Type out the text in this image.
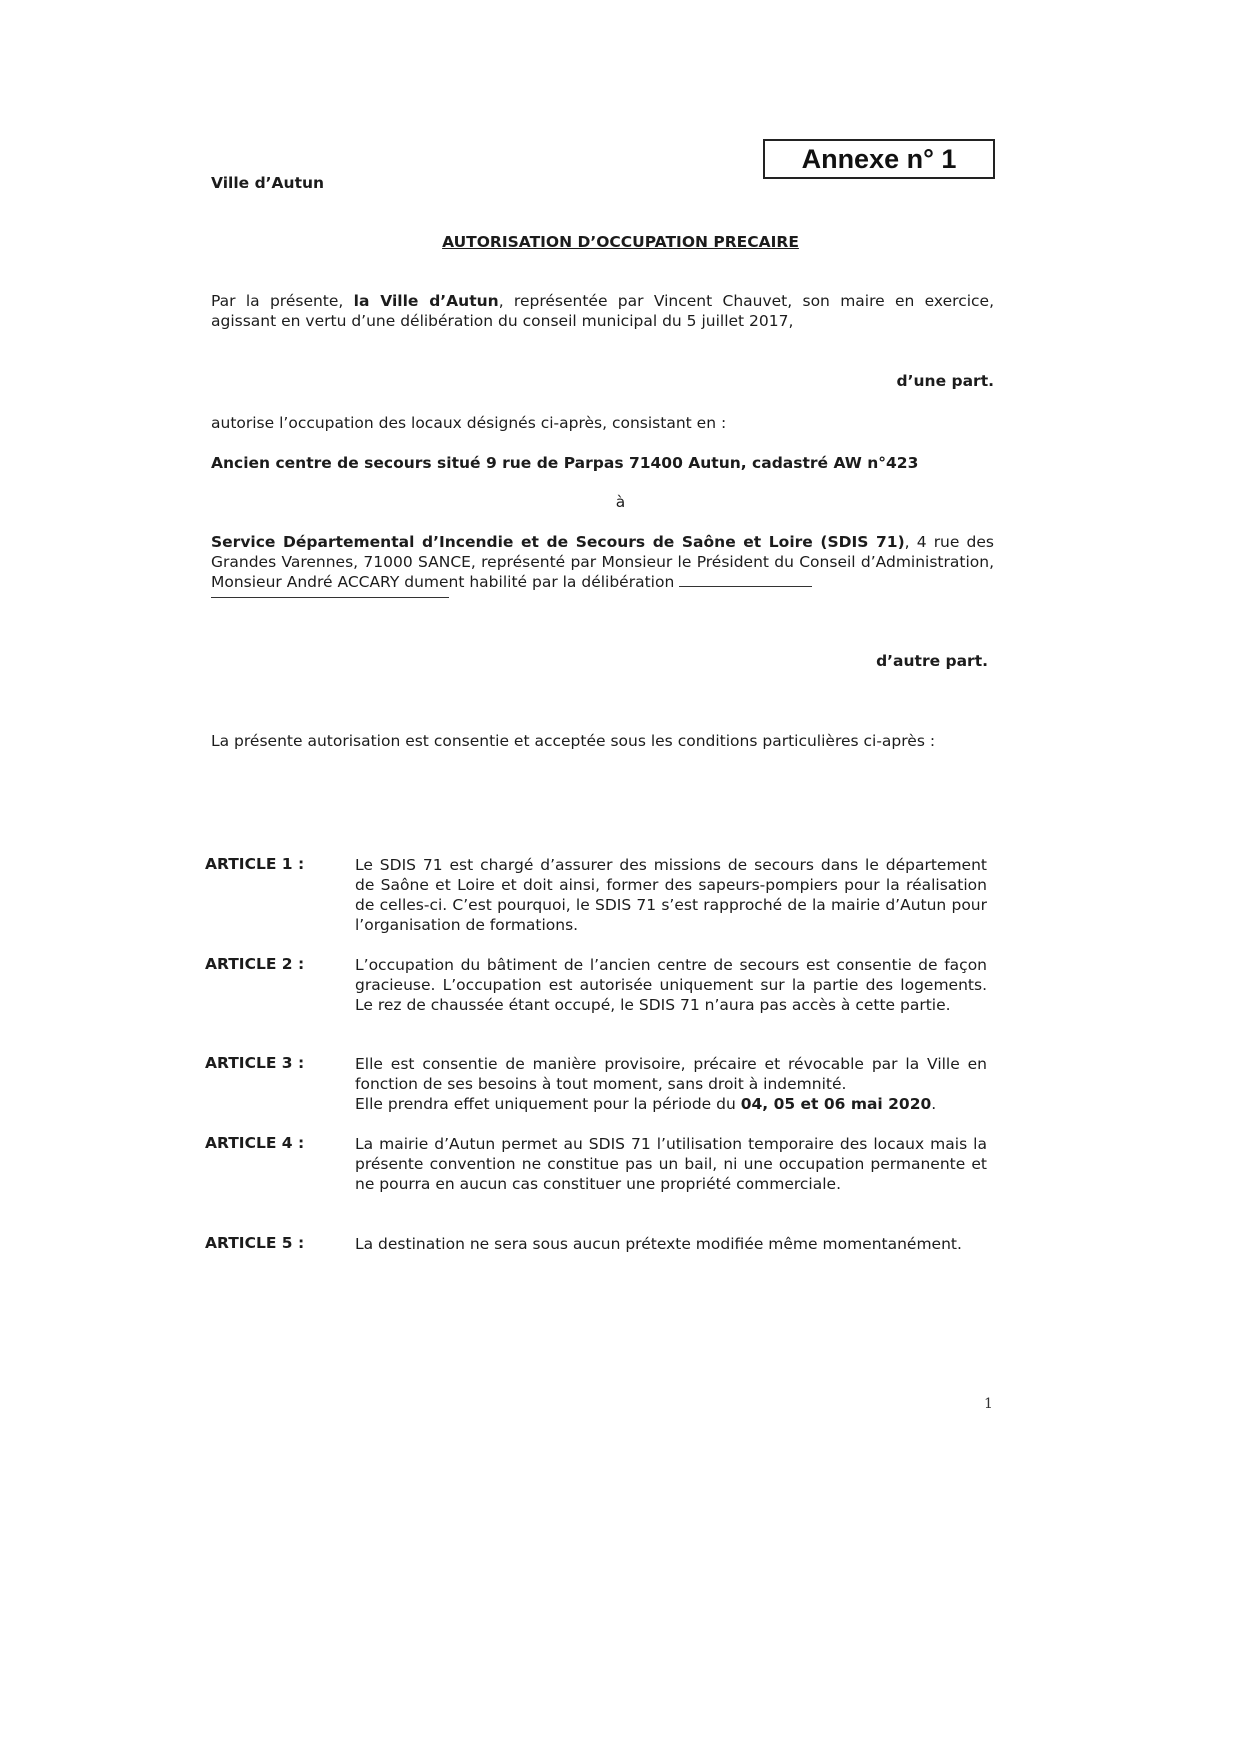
Annexe n° 1
Ville d’Autun
AUTORISATION D’OCCUPATION PRECAIRE
Par la présente, la Ville d’Autun, représentée par Vincent Chauvet, son maire en exercice, agissant en vertu d’une délibération du conseil municipal du 5 juillet 2017,
d’une part.
autorise l’occupation des locaux désignés ci-après, consistant en :
Ancien centre de secours situé 9 rue de Parpas 71400 Autun, cadastré AW n°423
à
Service Départemental d’Incendie et de Secours de Saône et Loire (SDIS 71), 4 rue des Grandes Varennes, 71000 SANCE, représenté par Monsieur le Président du Conseil d’Administration, Monsieur André ACCARY dument habilité par la délibération
d’autre part.
La présente autorisation est consentie et acceptée sous les conditions particulières ci-après :
ARTICLE 1 :	Le SDIS 71 est chargé d’assurer des missions de secours dans le département de Saône et Loire et doit ainsi, former des sapeurs-pompiers pour la réalisation de celles-ci. C’est pourquoi, le SDIS 71 s’est rapproché de la mairie d’Autun pour l’organisation de formations.
ARTICLE 2 :	L’occupation du bâtiment de l’ancien centre de secours est consentie de façon gracieuse. L’occupation est autorisée uniquement sur la partie des logements. Le rez de chaussée étant occupé, le SDIS 71 n’aura pas accès à cette partie.
ARTICLE 3 :	Elle est consentie de manière provisoire, précaire et révocable par la Ville en fonction de ses besoins à tout moment, sans droit à indemnité.
Elle prendra effet uniquement pour la période du 04, 05 et 06 mai 2020.
ARTICLE 4 :	La mairie d’Autun permet au SDIS 71 l’utilisation temporaire des locaux mais la présente convention ne constitue pas un bail, ni une occupation permanente et ne pourra en aucun cas constituer une propriété commerciale.
ARTICLE 5 :	La destination ne sera sous aucun prétexte modifiée même momentanément.
1
